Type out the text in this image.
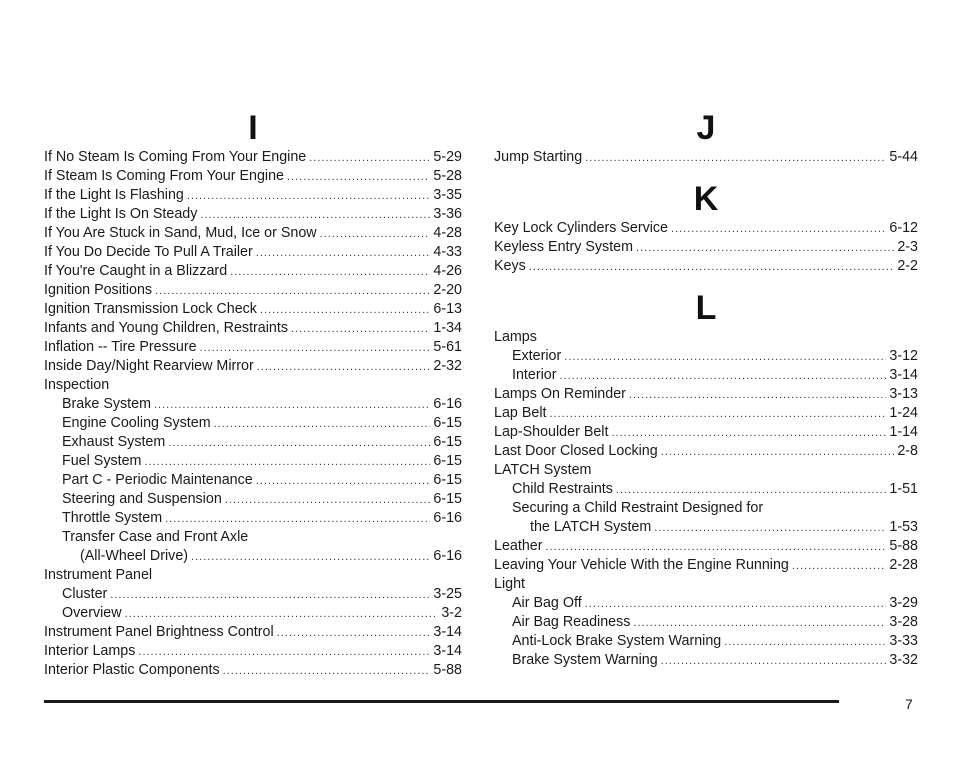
I
If No Steam Is Coming From Your Engine .....	5-29
If Steam Is Coming From Your Engine .....	5-28
If the Light Is Flashing .....	3-35
If the Light Is On Steady .....	3-36
If You Are Stuck in Sand, Mud, Ice or Snow .....	4-28
If You Do Decide To Pull A Trailer .....	4-33
If You're Caught in a Blizzard .....	4-26
Ignition Positions .....	2-20
Ignition Transmission Lock Check .....	6-13
Infants and Young Children, Restraints .....	1-34
Inflation -- Tire Pressure .....	5-61
Inside Day/Night Rearview Mirror .....	2-32
Inspection
Brake System .....	6-16
Engine Cooling System .....	6-15
Exhaust System .....	6-15
Fuel System .....	6-15
Part C - Periodic Maintenance .....	6-15
Steering and Suspension .....	6-15
Throttle System .....	6-16
Transfer Case and Front Axle
(All-Wheel Drive) .....	6-16
Instrument Panel
Cluster .....	3-25
Overview .....	3-2
Instrument Panel Brightness Control .....	3-14
Interior Lamps .....	3-14
Interior Plastic Components .....	5-88
J
Jump Starting .....	5-44
K
Key Lock Cylinders Service .....	6-12
Keyless Entry System .....	2-3
Keys .....	2-2
L
Lamps
Exterior .....	3-12
Interior .....	3-14
Lamps On Reminder .....	3-13
Lap Belt .....	1-24
Lap-Shoulder Belt .....	1-14
Last Door Closed Locking .....	2-8
LATCH System
Child Restraints .....	1-51
Securing a Child Restraint Designed for
the LATCH System .....	1-53
Leather .....	5-88
Leaving Your Vehicle With the Engine Running .....	2-28
Light
Air Bag Off .....	3-29
Air Bag Readiness .....	3-28
Anti-Lock Brake System Warning .....	3-33
Brake System Warning .....	3-32
7
